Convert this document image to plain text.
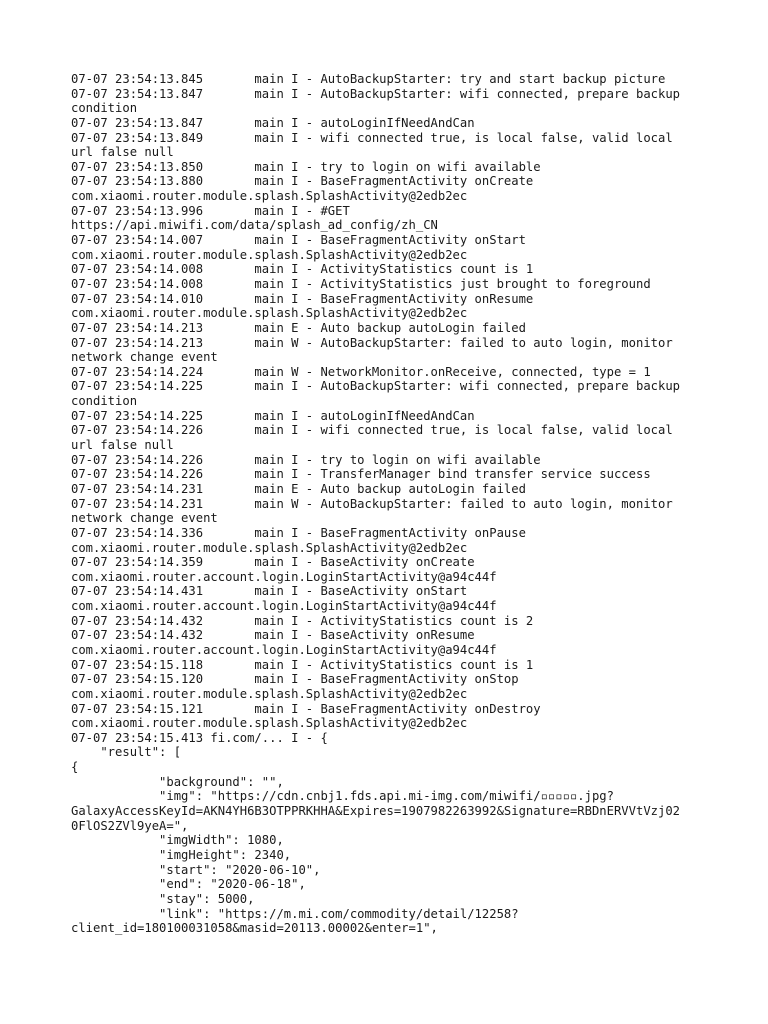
07-07 23:54:13.845       main I - AutoBackupStarter: try and start backup picture
07-07 23:54:13.847       main I - AutoBackupStarter: wifi connected, prepare backup
condition
07-07 23:54:13.847       main I - autoLoginIfNeedAndCan
07-07 23:54:13.849       main I - wifi connected true, is local false, valid local
url false null
07-07 23:54:13.850       main I - try to login on wifi available
07-07 23:54:13.880       main I - BaseFragmentActivity onCreate
com.xiaomi.router.module.splash.SplashActivity@2edb2ec
07-07 23:54:13.996       main I - #GET
https://api.miwifi.com/data/splash_ad_config/zh_CN
07-07 23:54:14.007       main I - BaseFragmentActivity onStart
com.xiaomi.router.module.splash.SplashActivity@2edb2ec
07-07 23:54:14.008       main I - ActivityStatistics count is 1
07-07 23:54:14.008       main I - ActivityStatistics just brought to foreground
07-07 23:54:14.010       main I - BaseFragmentActivity onResume
com.xiaomi.router.module.splash.SplashActivity@2edb2ec
07-07 23:54:14.213       main E - Auto backup autoLogin failed
07-07 23:54:14.213       main W - AutoBackupStarter: failed to auto login, monitor
network change event
07-07 23:54:14.224       main W - NetworkMonitor.onReceive, connected, type = 1
07-07 23:54:14.225       main I - AutoBackupStarter: wifi connected, prepare backup
condition
07-07 23:54:14.225       main I - autoLoginIfNeedAndCan
07-07 23:54:14.226       main I - wifi connected true, is local false, valid local
url false null
07-07 23:54:14.226       main I - try to login on wifi available
07-07 23:54:14.226       main I - TransferManager bind transfer service success
07-07 23:54:14.231       main E - Auto backup autoLogin failed
07-07 23:54:14.231       main W - AutoBackupStarter: failed to auto login, monitor
network change event
07-07 23:54:14.336       main I - BaseFragmentActivity onPause
com.xiaomi.router.module.splash.SplashActivity@2edb2ec
07-07 23:54:14.359       main I - BaseActivity onCreate
com.xiaomi.router.account.login.LoginStartActivity@a94c44f
07-07 23:54:14.431       main I - BaseActivity onStart
com.xiaomi.router.account.login.LoginStartActivity@a94c44f
07-07 23:54:14.432       main I - ActivityStatistics count is 2
07-07 23:54:14.432       main I - BaseActivity onResume
com.xiaomi.router.account.login.LoginStartActivity@a94c44f
07-07 23:54:15.118       main I - ActivityStatistics count is 1
07-07 23:54:15.120       main I - BaseFragmentActivity onStop
com.xiaomi.router.module.splash.SplashActivity@2edb2ec
07-07 23:54:15.121       main I - BaseFragmentActivity onDestroy
com.xiaomi.router.module.splash.SplashActivity@2edb2ec
07-07 23:54:15.413 fi.com/... I - {
"result": [
{
"background": "",
"img": "https://cdn.cnbj1.fds.api.mi-img.com/miwifi/▫▫▫▫▫.jpg?
GalaxyAccessKeyId=AKN4YH6B3OTPPRKHHA&Expires=1907982263992&Signature=RBDnERVVtVzj02
0FlOS2ZVl9yeA=",
"imgWidth": 1080,
"imgHeight": 2340,
"start": "2020-06-10",
"end": "2020-06-18",
"stay": 5000,
"link": "https://m.mi.com/commodity/detail/12258?
client_id=180100031058&masid=20113.00002&enter=1",
